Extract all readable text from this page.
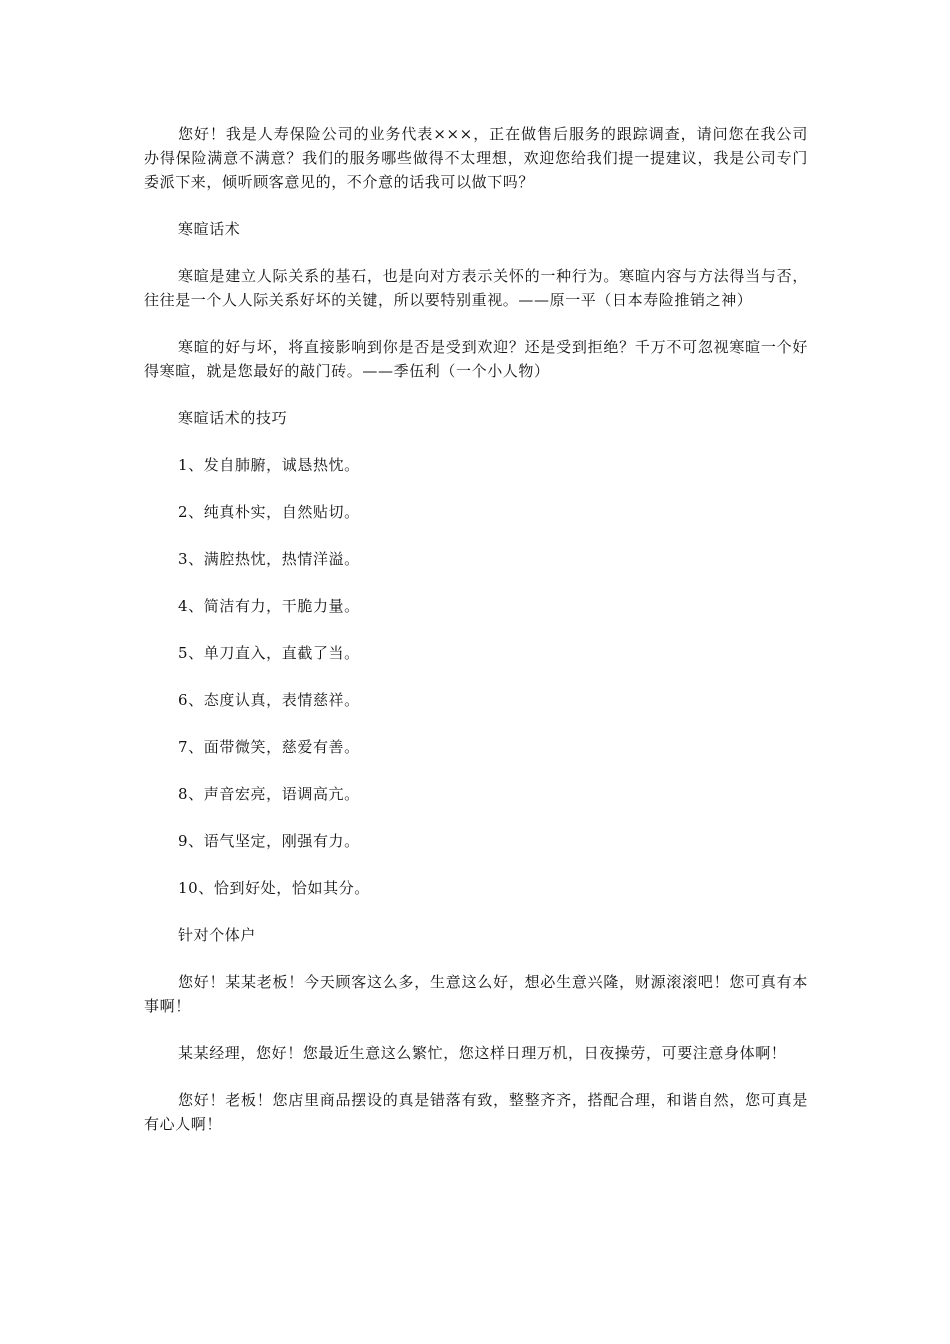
您好！我是人寿保险公司的业务代表×××，正在做售后服务的跟踪调查，请问您在我公司办得保险满意不满意？我们的服务哪些做得不太理想，欢迎您给我们提一提建议，我是公司专门委派下来，倾听顾客意见的，不介意的话我可以做下吗？

寒暄话术

寒暄是建立人际关系的基石，也是向对方表示关怀的一种行为。寒暄内容与方法得当与否，往往是一个人人际关系好坏的关键，所以要特别重视。——原一平（日本寿险推销之神）

寒暄的好与坏，将直接影响到你是否是受到欢迎？还是受到拒绝？千万不可忽视寒暄一个好得寒暄，就是您最好的敲门砖。——季伍利（一个小人物）

寒暄话术的技巧

1、发自肺腑，诚恳热忱。

2、纯真朴实，自然贴切。

3、满腔热忱，热情洋溢。

4、简洁有力，干脆力量。

5、单刀直入，直截了当。

6、态度认真，表情慈祥。

7、面带微笑，慈爱有善。

8、声音宏亮，语调高亢。

9、语气坚定，刚强有力。

10、恰到好处，恰如其分。

针对个体户

您好！某某老板！今天顾客这么多，生意这么好，想必生意兴隆，财源滚滚吧！您可真有本事啊！

某某经理，您好！您最近生意这么繁忙，您这样日理万机，日夜操劳，可要注意身体啊！

您好！老板！您店里商品摆设的真是错落有致，整整齐齐，搭配合理，和谐自然，您可真是有心人啊！
